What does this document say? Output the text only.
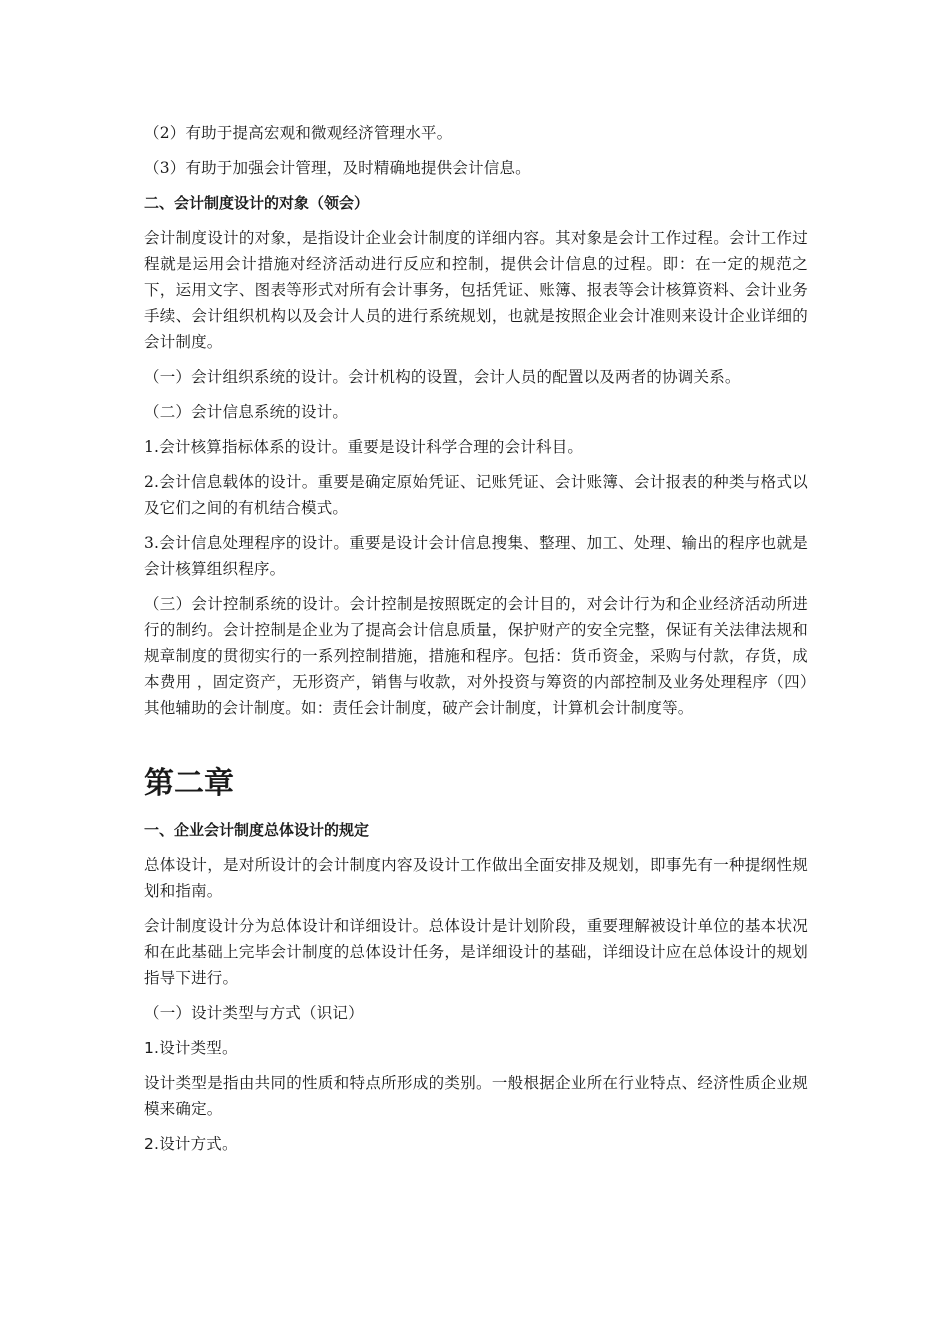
（2）有助于提高宏观和微观经济管理水平。

（3）有助于加强会计管理，及时精确地提供会计信息。

二、会计制度设计的对象（领会）

会计制度设计的对象，是指设计企业会计制度的详细内容。其对象是会计工作过程。会计工作过程就是运用会计措施对经济活动进行反应和控制，提供会计信息的过程。即：在一定的规范之下，运用文字、图表等形式对所有会计事务，包括凭证、账簿、报表等会计核算资料、会计业务手续、会计组织机构以及会计人员的进行系统规划，也就是按照企业会计准则来设计企业详细的会计制度。

（一）会计组织系统的设计。会计机构的设置，会计人员的配置以及两者的协调关系。

（二）会计信息系统的设计。

1.会计核算指标体系的设计。重要是设计科学合理的会计科目。

2.会计信息载体的设计。重要是确定原始凭证、记账凭证、会计账簿、会计报表的种类与格式以及它们之间的有机结合模式。

3.会计信息处理程序的设计。重要是设计会计信息搜集、整理、加工、处理、输出的程序也就是会计核算组织程序。

（三）会计控制系统的设计。会计控制是按照既定的会计目的，对会计行为和企业经济活动所进行的制约。会计控制是企业为了提高会计信息质量，保护财产的安全完整，保证有关法律法规和规章制度的贯彻实行的一系列控制措施，措施和程序。包括：货币资金，采购与付款，存货，成本费用 ，固定资产，无形资产，销售与收款，对外投资与筹资的内部控制及业务处理程序（四）其他辅助的会计制度。如：责任会计制度，破产会计制度，计算机会计制度等。

第二章

一、企业会计制度总体设计的规定

总体设计，是对所设计的会计制度内容及设计工作做出全面安排及规划，即事先有一种提纲性规划和指南。

会计制度设计分为总体设计和详细设计。总体设计是计划阶段，重要理解被设计单位的基本状况和在此基础上完毕会计制度的总体设计任务，是详细设计的基础，详细设计应在总体设计的规划指导下进行。

（一）设计类型与方式（识记）

1.设计类型。

设计类型是指由共同的性质和特点所形成的类别。一般根据企业所在行业特点、经济性质企业规模来确定。

2.设计方式。
